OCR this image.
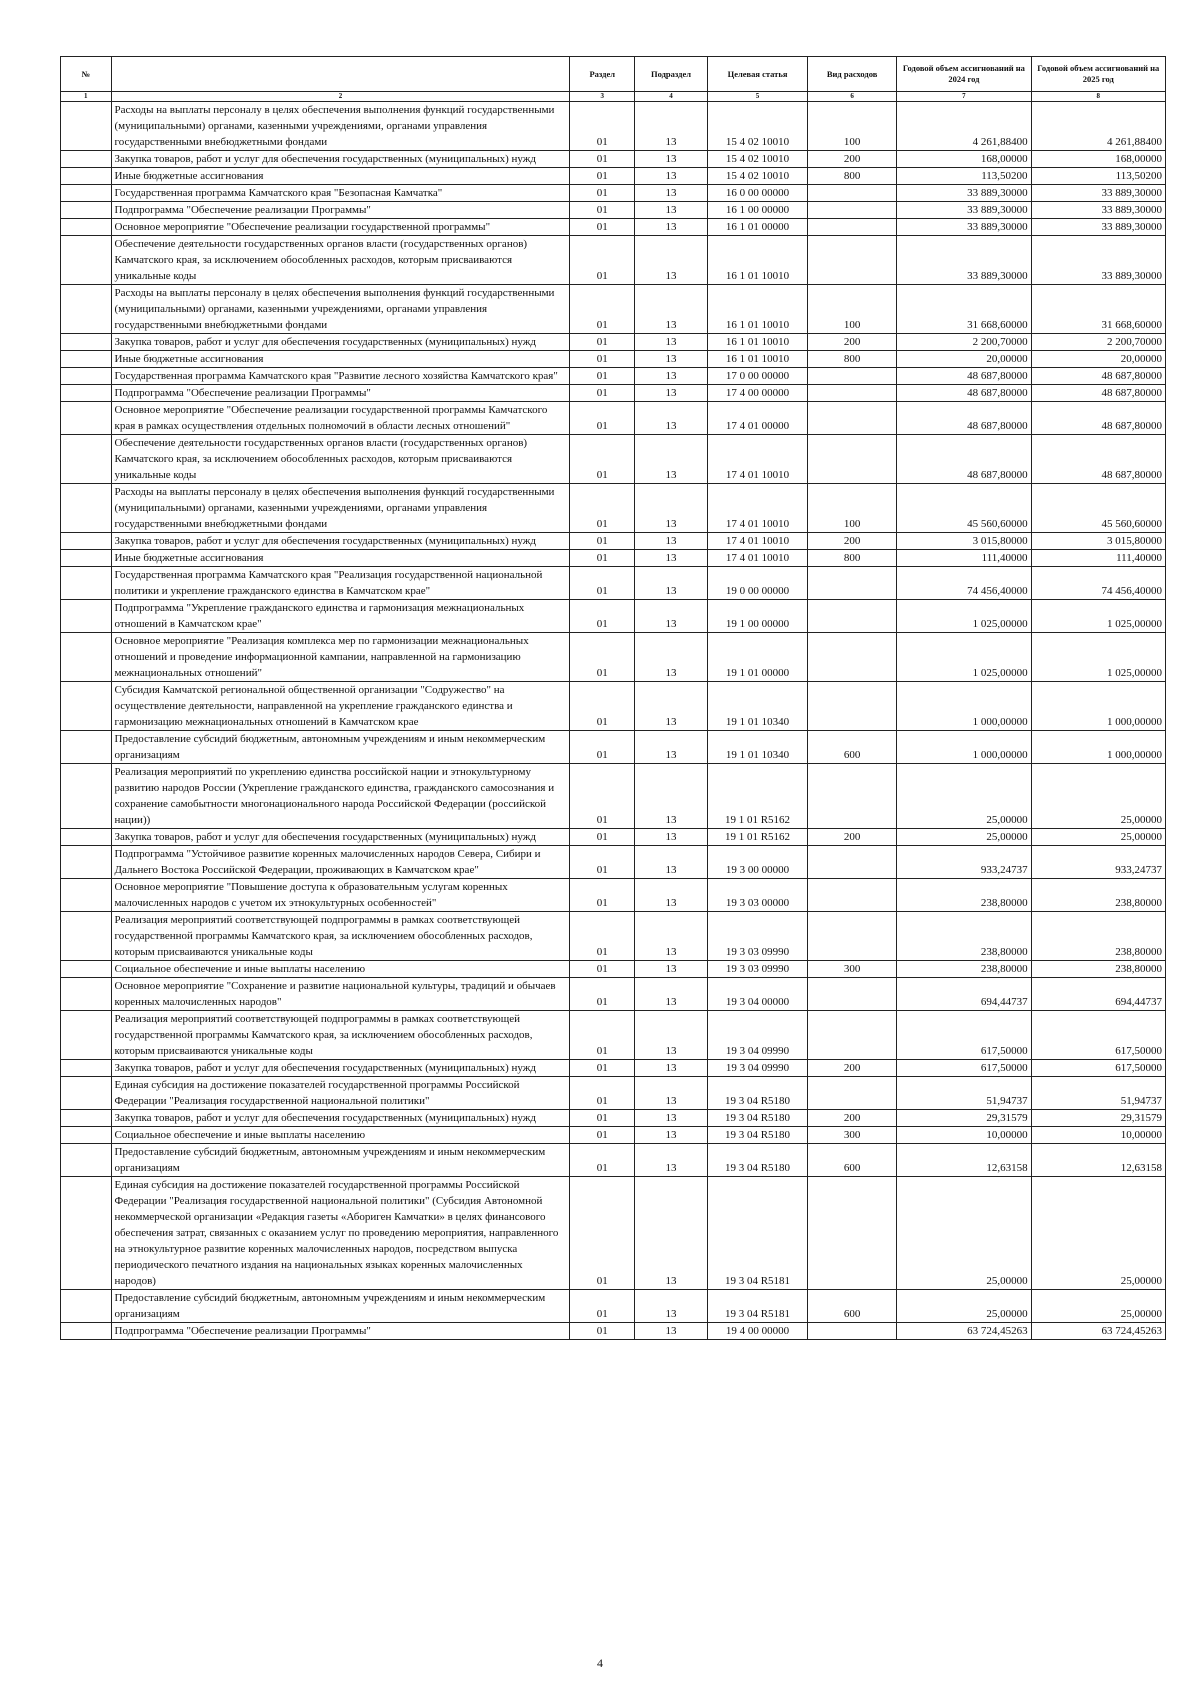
№		Раздел	Подраздел	Целевая статья	Вид расходов	Годовой объем ассигнований на 2024 год	Годовой объем ассигнований на 2025 год
1	2	3	4	5	6	7	8
	Расходы на выплаты персоналу в целях обеспечения выполнения функций государственными (муниципальными) органами, казенными учреждениями, органами управления государственными внебюджетными фондами	01	13	15 4 02 10010	100	4 261,88400	4 261,88400
	Закупка товаров, работ и услуг для обеспечения государственных (муниципальных) нужд	01	13	15 4 02 10010	200	168,00000	168,00000
	Иные бюджетные ассигнования	01	13	15 4 02 10010	800	113,50200	113,50200
	Государственная программа Камчатского края "Безопасная Камчатка"	01	13	16 0 00 00000		33 889,30000	33 889,30000
	Подпрограмма "Обеспечение реализации Программы"	01	13	16 1 00 00000		33 889,30000	33 889,30000
	Основное мероприятие "Обеспечение реализации государственной программы"	01	13	16 1 01 00000		33 889,30000	33 889,30000
	Обеспечение деятельности государственных органов власти (государственных органов) Камчатского края, за исключением обособленных расходов, которым присваиваются уникальные коды	01	13	16 1 01 10010		33 889,30000	33 889,30000
	Расходы на выплаты персоналу в целях обеспечения выполнения функций государственными (муниципальными) органами, казенными учреждениями, органами управления государственными внебюджетными фондами	01	13	16 1 01 10010	100	31 668,60000	31 668,60000
	Закупка товаров, работ и услуг для обеспечения государственных (муниципальных) нужд	01	13	16 1 01 10010	200	2 200,70000	2 200,70000
	Иные бюджетные ассигнования	01	13	16 1 01 10010	800	20,00000	20,00000
	Государственная программа Камчатского края "Развитие лесного хозяйства Камчатского края"	01	13	17 0 00 00000		48 687,80000	48 687,80000
	Подпрограмма "Обеспечение реализации Программы"	01	13	17 4 00 00000		48 687,80000	48 687,80000
	Основное мероприятие "Обеспечение реализации государственной программы Камчатского края в рамках осуществления отдельных полномочий в области лесных отношений"	01	13	17 4 01 00000		48 687,80000	48 687,80000
	Обеспечение деятельности государственных органов власти (государственных органов) Камчатского края, за исключением обособленных расходов, которым присваиваются уникальные коды	01	13	17 4 01 10010		48 687,80000	48 687,80000
	Расходы на выплаты персоналу в целях обеспечения выполнения функций государственными (муниципальными) органами, казенными учреждениями, органами управления государственными внебюджетными фондами	01	13	17 4 01 10010	100	45 560,60000	45 560,60000
	Закупка товаров, работ и услуг для обеспечения государственных (муниципальных) нужд	01	13	17 4 01 10010	200	3 015,80000	3 015,80000
	Иные бюджетные ассигнования	01	13	17 4 01 10010	800	111,40000	111,40000
	Государственная программа Камчатского края "Реализация государственной национальной политики и укрепление гражданского единства в Камчатском крае"	01	13	19 0 00 00000		74 456,40000	74 456,40000
	Подпрограмма "Укрепление гражданского единства и гармонизация межнациональных отношений в Камчатском крае"	01	13	19 1 00 00000		1 025,00000	1 025,00000
	Основное мероприятие "Реализация комплекса мер по гармонизации межнациональных отношений и проведение информационной кампании, направленной на гармонизацию межнациональных отношений"	01	13	19 1 01 00000		1 025,00000	1 025,00000
	Субсидия Камчатской региональной общественной организации "Содружество" на осуществление деятельности, направленной на укрепление гражданского единства и гармонизацию межнациональных отношений в Камчатском крае	01	13	19 1 01 10340		1 000,00000	1 000,00000
	Предоставление субсидий бюджетным, автономным учреждениям и иным некоммерческим организациям	01	13	19 1 01 10340	600	1 000,00000	1 000,00000
	Реализация мероприятий по укреплению единства российской нации и этнокультурному развитию народов России (Укрепление гражданского единства, гражданского самосознания и сохранение самобытности многонационального народа Российской Федерации (российской нации))	01	13	19 1 01 R5162		25,00000	25,00000
	Закупка товаров, работ и услуг для обеспечения государственных (муниципальных) нужд	01	13	19 1 01 R5162	200	25,00000	25,00000
	Подпрограмма "Устойчивое развитие коренных малочисленных народов Севера, Сибири и Дальнего Востока Российской Федерации, проживающих в Камчатском крае"	01	13	19 3 00 00000		933,24737	933,24737
	Основное мероприятие "Повышение доступа к образовательным услугам коренных малочисленных народов с учетом их этнокультурных особенностей"	01	13	19 3 03 00000		238,80000	238,80000
	Реализация мероприятий соответствующей подпрограммы в рамках соответствующей государственной программы Камчатского края, за исключением обособленных расходов, которым присваиваются уникальные коды	01	13	19 3 03 09990		238,80000	238,80000
	Социальное обеспечение и иные выплаты населению	01	13	19 3 03 09990	300	238,80000	238,80000
	Основное мероприятие "Сохранение и развитие национальной культуры, традиций и обычаев коренных малочисленных народов"	01	13	19 3 04 00000		694,44737	694,44737
	Реализация мероприятий соответствующей подпрограммы в рамках соответствующей государственной программы Камчатского края, за исключением обособленных расходов, которым присваиваются уникальные коды	01	13	19 3 04 09990		617,50000	617,50000
	Закупка товаров, работ и услуг для обеспечения государственных (муниципальных) нужд	01	13	19 3 04 09990	200	617,50000	617,50000
	Единая субсидия на достижение показателей государственной программы Российской Федерации "Реализация государственной национальной политики"	01	13	19 3 04 R5180		51,94737	51,94737
	Закупка товаров, работ и услуг для обеспечения государственных (муниципальных) нужд	01	13	19 3 04 R5180	200	29,31579	29,31579
	Социальное обеспечение и иные выплаты населению	01	13	19 3 04 R5180	300	10,00000	10,00000
	Предоставление субсидий бюджетным, автономным учреждениям и иным некоммерческим организациям	01	13	19 3 04 R5180	600	12,63158	12,63158
	Единая субсидия на достижение показателей государственной программы Российской Федерации "Реализация государственной национальной политики" (Субсидия Автономной некоммерческой организации «Редакция газеты «Абориген Камчатки» в целях финансового обеспечения затрат, связанных с оказанием услуг по проведению мероприятия, направленного на этнокультурное развитие коренных малочисленных народов, посредством выпуска периодического печатного издания на национальных языках коренных малочисленных народов)	01	13	19 3 04 R5181		25,00000	25,00000
	Предоставление субсидий бюджетным, автономным учреждениям и иным некоммерческим организациям	01	13	19 3 04 R5181	600	25,00000	25,00000
	Подпрограмма "Обеспечение реализации Программы"	01	13	19 4 00 00000		63 724,45263	63 724,45263
4
